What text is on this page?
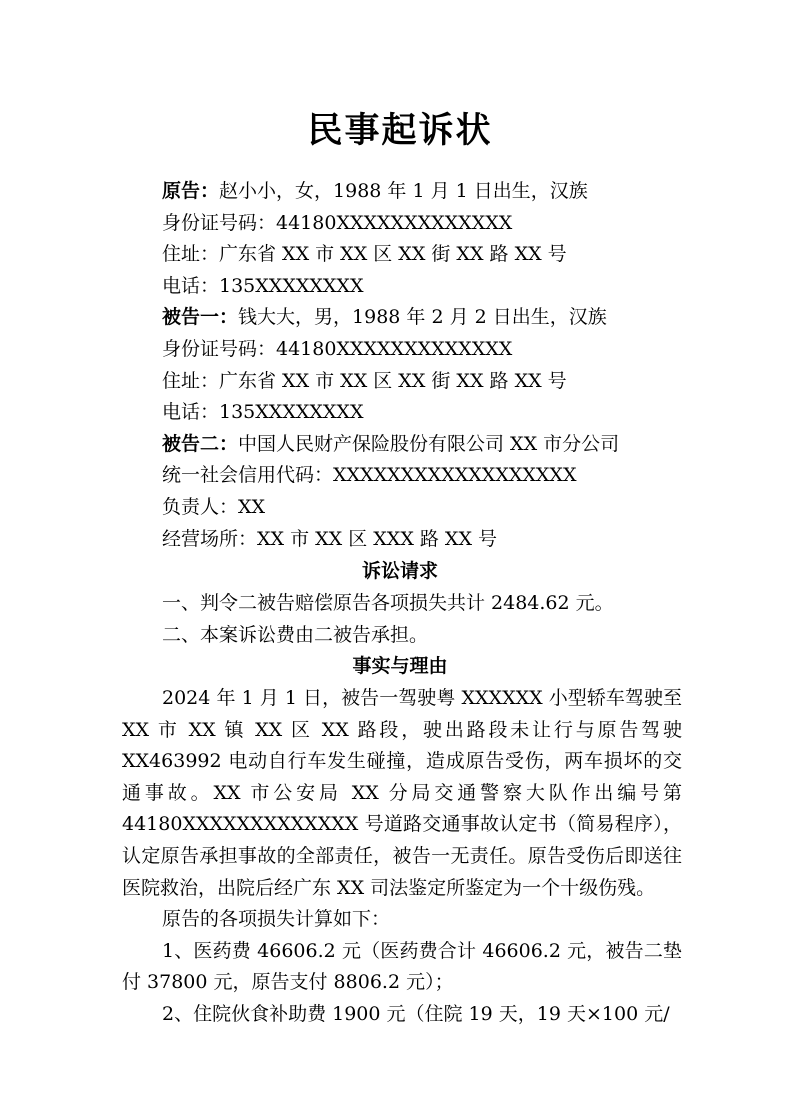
民事起诉状
原告：赵小小，女，1988 年 1 月 1 日出生，汉族
身份证号码：44180XXXXXXXXXXXXX
住址：广东省 XX 市 XX 区 XX 街 XX 路 XX 号
电话：135XXXXXXXX
被告一：钱大大，男，1988 年 2 月 2 日出生，汉族
身份证号码：44180XXXXXXXXXXXXX
住址：广东省 XX 市 XX 区 XX 街 XX 路 XX 号
电话：135XXXXXXXX
被告二：中国人民财产保险股份有限公司 XX 市分公司
统一社会信用代码：XXXXXXXXXXXXXXXXXX
负责人：XX
经营场所：XX 市 XX 区 XXX 路 XX 号
诉讼请求

一、判令二被告赔偿原告各项损失共计 2484.62 元。

二、本案诉讼费由二被告承担。

事实与理由

2024 年 1 月 1 日，被告一驾驶粤 XXXXXX 小型轿车驾驶至 XX 市 XX 镇 XX 区 XX 路段，驶出路段未让行与原告驾驶 XX463992 电动自行车发生碰撞，造成原告受伤，两车损坏的交通事故。XX 市公安局 XX 分局交通警察大队作出编号第 44180XXXXXXXXXXXXX 号道路交通事故认定书（简易程序），认定原告承担事故的全部责任，被告一无责任。原告受伤后即送往医院救治，出院后经广东 XX 司法鉴定所鉴定为一个十级伤残。

原告的各项损失计算如下：

1、医药费 46606.2 元（医药费合计 46606.2 元，被告二垫付 37800 元，原告支付 8806.2 元）；

2、住院伙食补助费 1900 元（住院 19 天，19 天×100 元/
